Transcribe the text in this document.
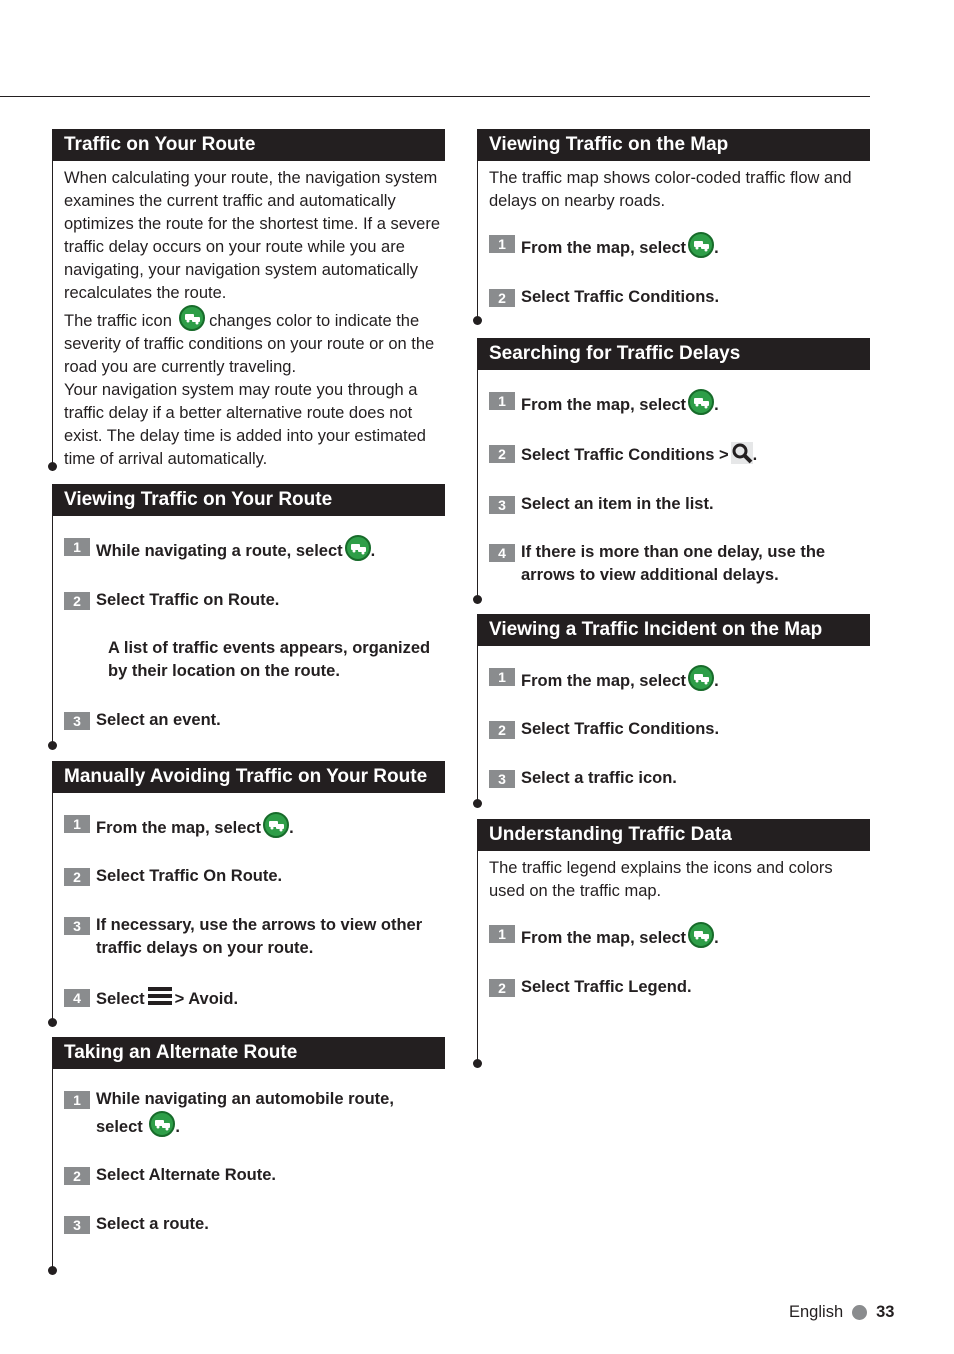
Traffic on Your Route

When calculating your route, the navigation system examines the current traffic and automatically optimizes the route for the shortest time. If a severe traffic delay occurs on your route while you are navigating, your navigation system automatically recalculates the route.

The traffic icon changes color to indicate the severity of traffic conditions on your route or on the road you are currently traveling.

Your navigation system may route you through a traffic delay if a better alternative route does not exist. The delay time is added into your estimated time of arrival automatically.

Viewing Traffic on Your Route
1 While navigating a route, select .
2 Select Traffic on Route.
A list of traffic events appears, organized by their location on the route.
3 Select an event.
Manually Avoiding Traffic on Your Route
1 From the map, select .
2 Select Traffic On Route.
3 If necessary, use the arrows to view other traffic delays on your route.
4 Select > Avoid.
Taking an Alternate Route
1 While navigating an automobile route, select .
2 Select Alternate Route.
3 Select a route.
Viewing Traffic on the Map

The traffic map shows color-coded traffic flow and delays on nearby roads.

1 From the map, select .
2 Select Traffic Conditions.
Searching for Traffic Delays
1 From the map, select .
2 Select Traffic Conditions > .
3 Select an item in the list.
4 If there is more than one delay, use the arrows to view additional delays.
Viewing a Traffic Incident on the Map
1 From the map, select .
2 Select Traffic Conditions.
3 Select a traffic icon.
Understanding Traffic Data

The traffic legend explains the icons and colors used on the traffic map.

1 From the map, select .
2 Select Traffic Legend.
English 33
